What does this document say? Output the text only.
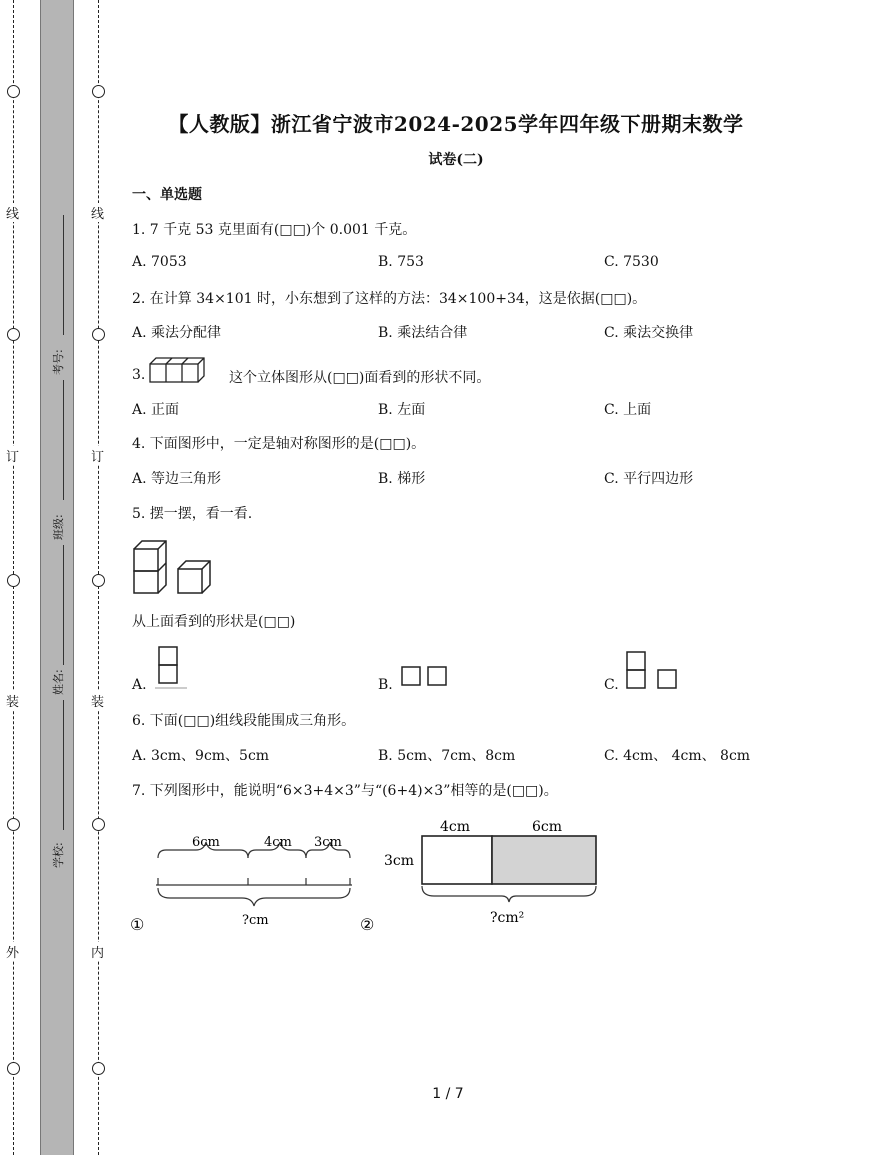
线
订
装
外
线
订
装
内
考号:
班级:
姓名:
学校:
【人教版】浙江省宁波市2024-2025学年四年级下册期末数学
试卷(二)
一、单选题
1. 7 千克 53 克里面有(□□)个 0.001 千克。
A. 7053	B. 753	C. 7530
2. 在计算 34×101 时，小东想到了这样的方法：34×100+34，这是依据(□□)。
A. 乘法分配律	B. 乘法结合律	C. 乘法交换律
3.	这个立体图形从(□□)面看到的形状不同。
A. 正面	B. 左面	C. 上面
4. 下面图形中，一定是轴对称图形的是(□□)。
A. 等边三角形	B. 梯形	C. 平行四边形
5. 摆一摆，看一看.
从上面看到的形状是(□□)
A.	B.	C.
6. 下面(□□)组线段能围成三角形。
A. 3cm、9cm、5cm	B. 5cm、7cm、8cm	C. 4cm、 4cm、 8cm
7. 下列图形中，能说明“6×3+4×3”与“(6+4)×3”相等的是(□□)。
6cm	4cm 3cm
?cm
①
4cm	6cm
3cm
?cm²
②
1 / 7
